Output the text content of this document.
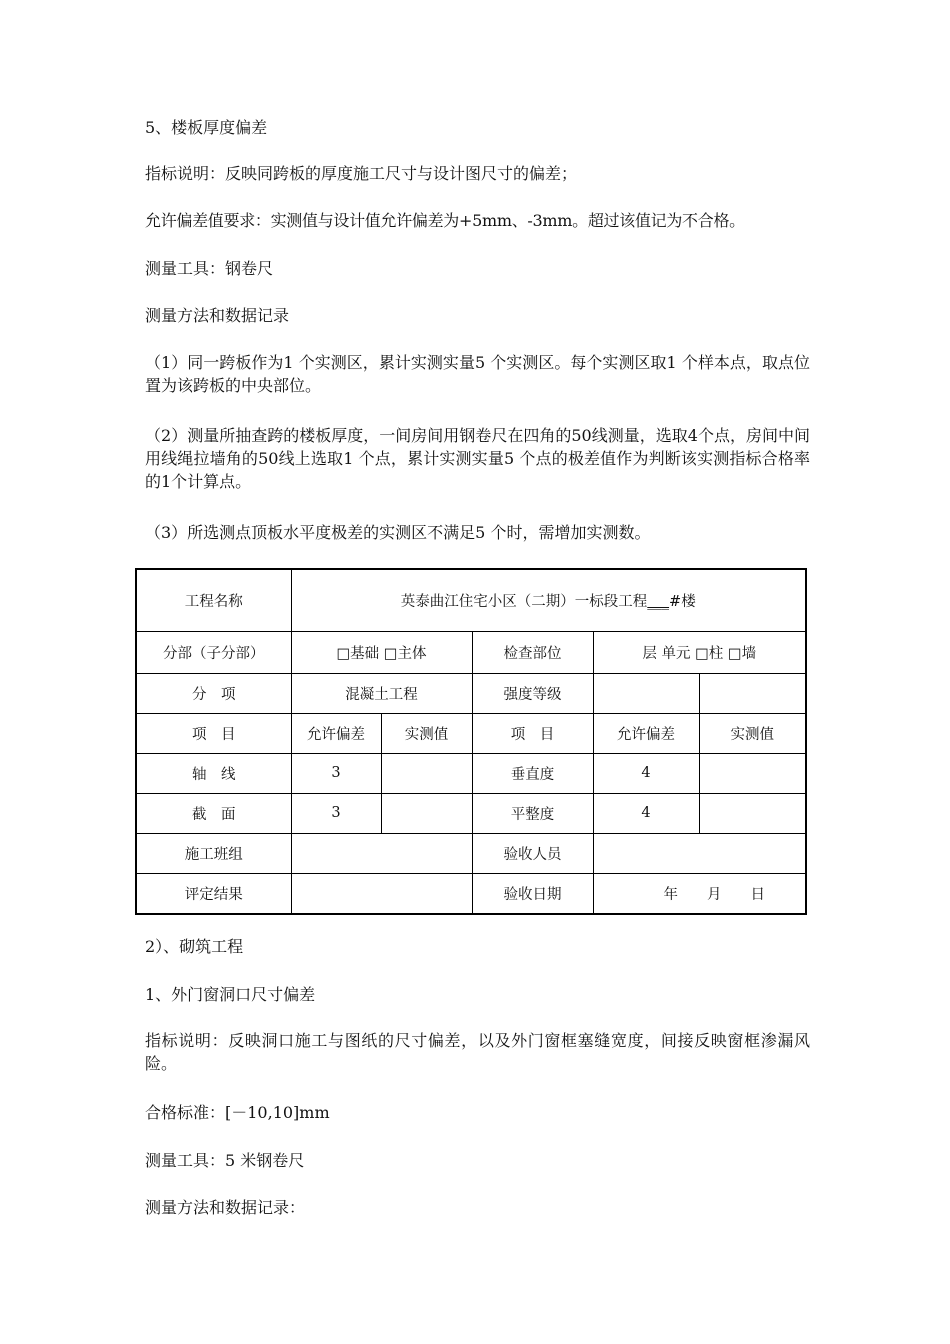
5、楼板厚度偏差
指标说明：反映同跨板的厚度施工尺寸与设计图尺寸的偏差；
允许偏差值要求：实测值与设计值允许偏差为+5mm、-3mm。超过该值记为不合格。
测量工具：钢卷尺
测量方法和数据记录
（1）同一跨板作为1 个实测区，累计实测实量5 个实测区。每个实测区取1 个样本点，取点位置为该跨板的中央部位。
（2）测量所抽查跨的楼板厚度，一间房间用钢卷尺在四角的50线测量，选取4个点，房间中间用线绳拉墙角的50线上选取1 个点，累计实测实量5 个点的极差值作为判断该实测指标合格率的1个计算点。
（3）所选测点顶板水平度极差的实测区不满足5 个时，需增加实测数。
工程名称	英泰曲江住宅小区（二期）一标段工程___#楼				
分部（子分部）	□基础 □主体		检查部位	层 单元 □柱 □墙	
分　项	混凝土工程		强度等级		
项　目	允许偏差	实测值	项　目	允许偏差	实测值
轴　线	3		垂直度	4	
截　面	3		平整度	4	
施工班组			验收人员		
评定结果			验收日期	年　　月　　日	
2）、砌筑工程
1、外门窗洞口尺寸偏差
指标说明：反映洞口施工与图纸的尺寸偏差，以及外门窗框塞缝宽度，间接反映窗框渗漏风险。
合格标准：[－10,10]mm
测量工具：5 米钢卷尺
测量方法和数据记录：
